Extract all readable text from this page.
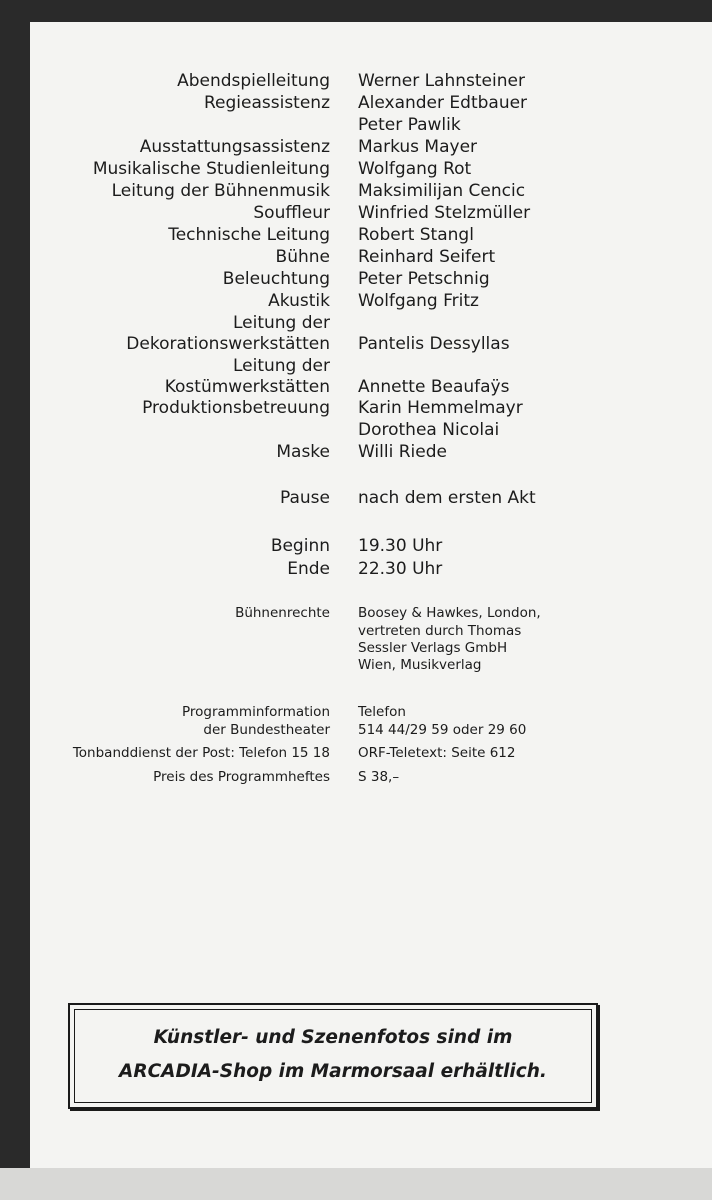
Abendspielleitung Werner Lahnsteiner
Regieassistenz Alexander Edtbauer
Peter Pawlik
Ausstattungsassistenz Markus Mayer
Musikalische Studienleitung Wolfgang Rot
Leitung der Bühnenmusik Maksimilijan Cencic
Souffleur Winfried Stelzmüller
Technische Leitung Robert Stangl
Bühne Reinhard Seifert
Beleuchtung Peter Petschnig
Akustik Wolfgang Fritz
Leitung der
Dekorationswerkstätten Pantelis Dessyllas
Leitung der
Kostümwerkstätten Annette Beaufaÿs
Produktionsbetreuung Karin Hemmelmayr
Dorothea Nicolai
Maske Willi Riede
Pause nach dem ersten Akt
Beginn 19.30 Uhr
Ende 22.30 Uhr
Bühnenrechte Boosey & Hawkes, London,
vertreten durch Thomas
Sessler Verlags GmbH
Wien, Musikverlag
Programminformation Telefon
der Bundestheater 514 44/29 59 oder 29 60
Tonbanddienst der Post: Telefon 15 18 ORF-Teletext: Seite 612
Preis des Programmheftes S 38,–
Künstler- und Szenenfotos sind im
ARCADIA-Shop im Marmorsaal erhältlich.
